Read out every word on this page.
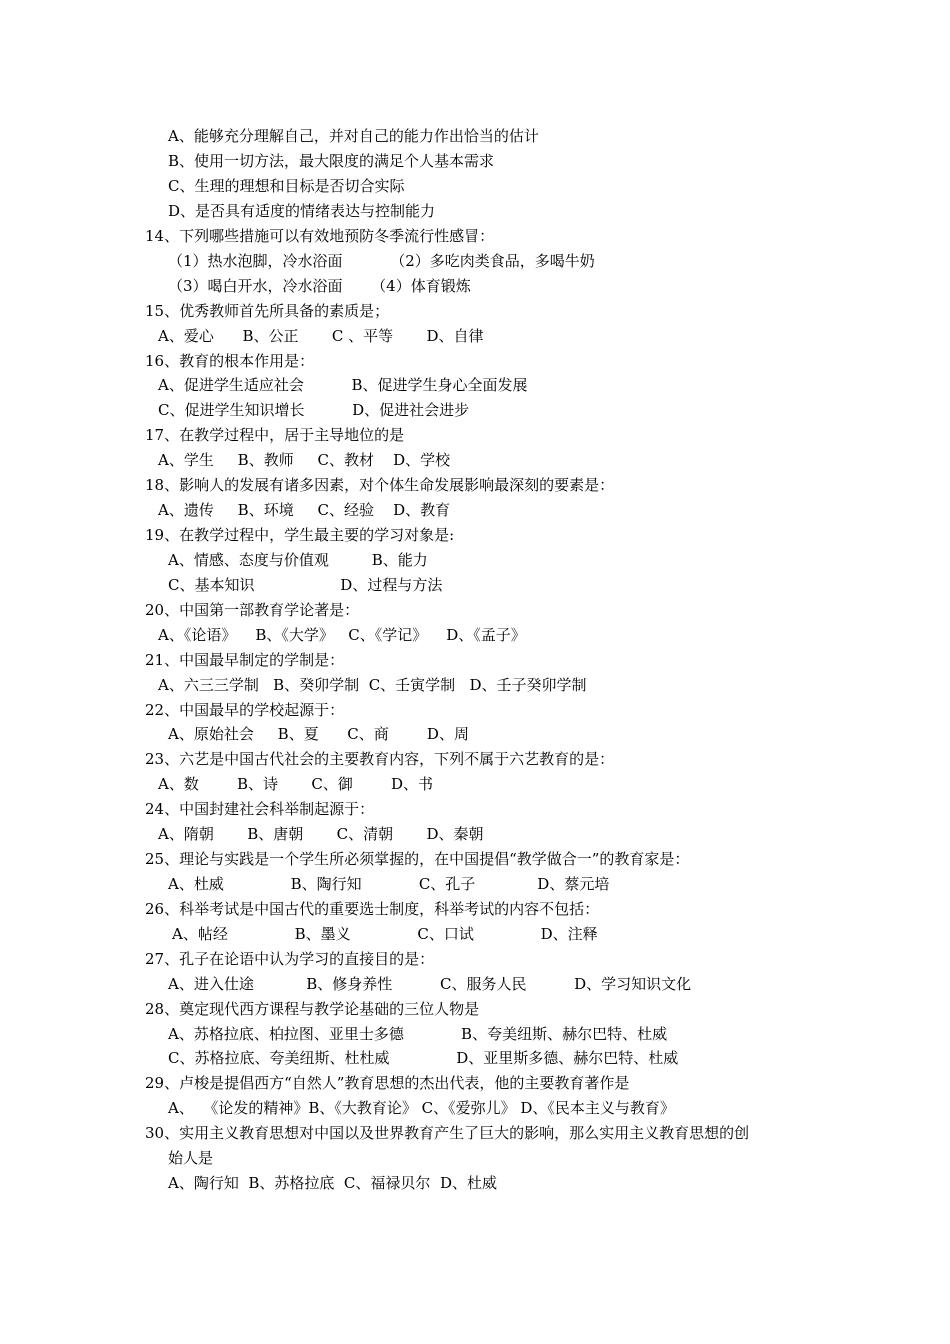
A、能够充分理解自己，并对自己的能力作出恰当的估计
B、使用一切方法，最大限度的满足个人基本需求
C、生理的理想和目标是否切合实际
D、是否具有适度的情绪表达与控制能力
14、下列哪些措施可以有效地预防冬季流行性感冒：
（1）热水泡脚，冷水浴面          （2）多吃肉类食品，多喝牛奶
（3）喝白开水，冷水浴面      （4）体育锻炼
15、优秀教师首先所具备的素质是；
A、爱心      B、公正       C 、平等       D、自律
16、教育的根本作用是：
A、促进学生适应社会          B、促进学生身心全面发展
C、促进学生知识增长          D、促进社会进步
17、在教学过程中，居于主导地位的是
A、学生     B、教师     C、教材    D、学校
18、影响人的发展有诸多因素，对个体生命发展影响最深刻的要素是：
A、遗传     B、环境     C、经验    D、教育
19、在教学过程中，学生最主要的学习对象是:
A、情感、态度与价值观         B、能力
C、基本知识                  D、过程与方法
20、中国第一部教育学论著是：
A、《论语》    B、《大学》   C、《学记》    D、《孟子》
21、中国最早制定的学制是：
A、六三三学制   B、癸卯学制  C、壬寅学制   D、壬子癸卯学制
22、中国最早的学校起源于：
A、原始社会     B、夏      C、商        D、周
23、六艺是中国古代社会的主要教育内容，下列不属于六艺教育的是：
A、数        B、诗       C、御        D、书
24、中国封建社会科举制起源于：
A、隋朝       B、唐朝       C、清朝       D、秦朝
25、理论与实践是一个学生所必须掌握的，在中国提倡“教学做合一”的教育家是：
A、杜威              B、陶行知            C、孔子             D、蔡元培
26、科举考试是中国古代的重要选士制度，科举考试的内容不包括：
A、帖经              B、墨义              C、口试              D、注释
27、孔子在论语中认为学习的直接目的是：
A、进入仕途           B、修身养性          C、服务人民          D、学习知识文化
28、奠定现代西方课程与教学论基础的三位人物是
A、苏格拉底、柏拉图、亚里士多德            B、夸美纽斯、赫尔巴特、杜威
C、苏格拉底、夸美纽斯、杜杜威              D、亚里斯多德、赫尔巴特、杜威
29、卢梭是提倡西方“自然人”教育思想的杰出代表，他的主要教育著作是
A、  《论发的精神》B、《大教育论》 C、《爱弥儿》 D、《民本主义与教育》
30、实用主义教育思想对中国以及世界教育产生了巨大的影响，那么实用主义教育思想的创
始人是
A、陶行知  B、苏格拉底  C、福禄贝尔  D、杜威
